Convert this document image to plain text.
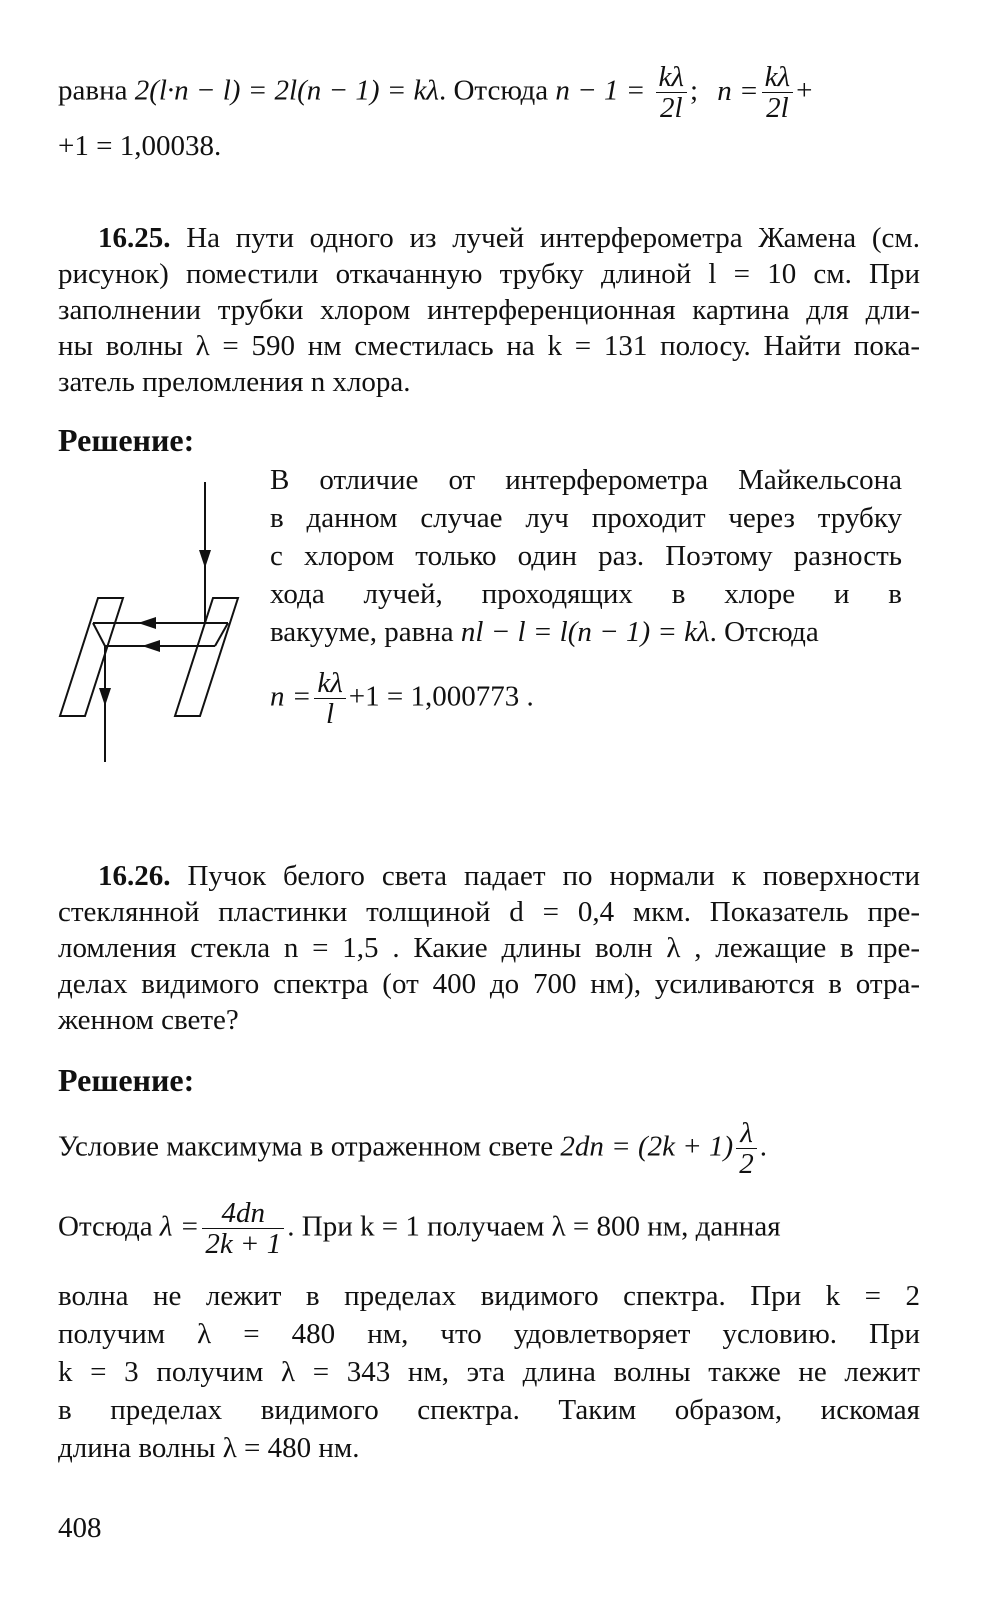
равна 2(l·n − l) = 2l(n − 1) = kλ. Отсюда $n - 1 = \frac{k\lambda}{2l}$ ; $n = \frac{k\lambda}{2l}$ +
+1 = 1,00038.
16.25. На пути одного из лучей интерферометра Жамена (см.
рисунок) поместили откачанную трубку длиной l = 10 см. При
заполнении трубки хлором интерференционная картина для дли-
ны волны λ = 590 нм сместилась на k = 131 полосу. Найти пока-
затель преломления n хлора.
Решение:
В отличие от интерферометра Майкельсона
в данном случае луч проходит через трубку
с хлором только один раз. Поэтому разность
хода лучей, проходящих в хлоре и в
вакууме, равна nl − l = l(n − 1) = kλ. Отсюда
$n = \frac{k\lambda}{l} +1 = 1,000773$ .
16.26. Пучок белого света падает по нормали к поверхности
стеклянной пластинки толщиной d = 0,4 мкм. Показатель пре-
ломления стекла n = 1,5 . Какие длины волн λ , лежащие в пре-
делах видимого спектра (от 400 до 700 нм), усиливаются в отра-
женном свете?
Решение:
Условие максимума в отраженном свете $2dn = (2k + 1) \frac{\lambda}{2}$ .
Отсюда $\lambda = \frac{4dn}{2k + 1}$ . При k = 1 получаем λ = 800 нм, данная
волна не лежит в пределах видимого спектра. При k = 2
получим λ = 480 нм, что удовлетворяет условию. При
k = 3 получим λ = 343 нм, эта длина волны также не лежит
в пределах видимого спектра. Таким образом, искомая
длина волны λ = 480 нм.
408
